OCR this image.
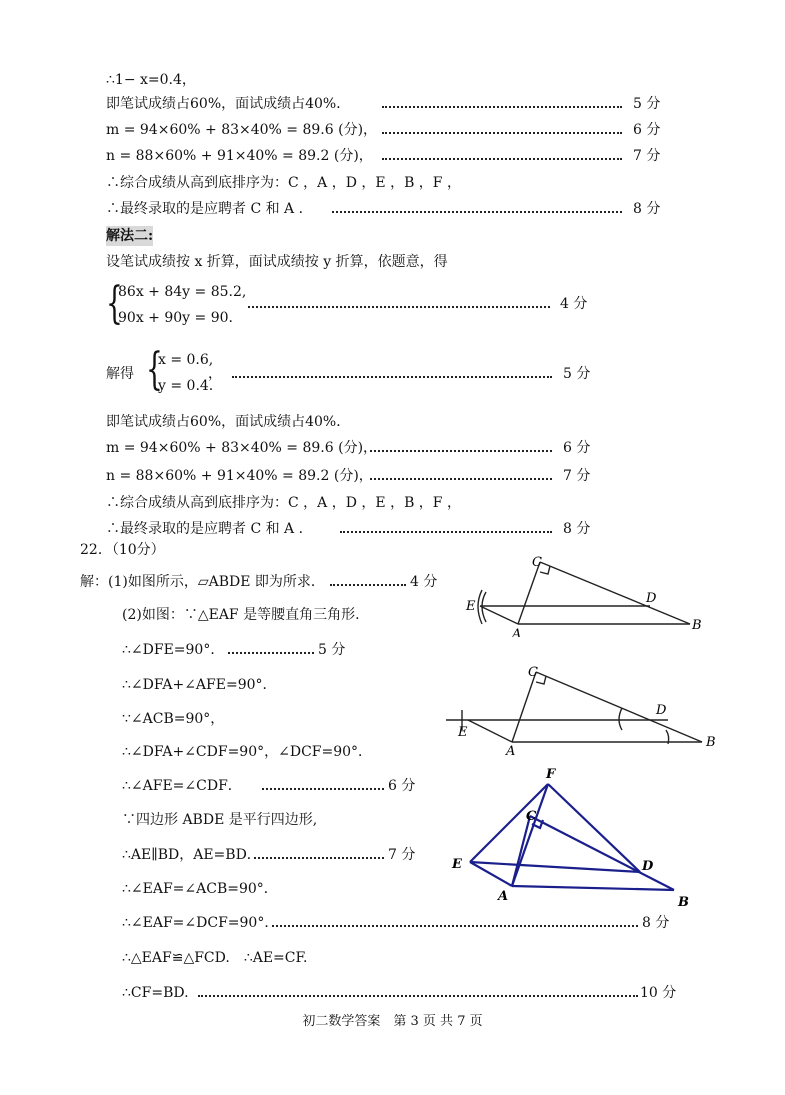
∴1− x=0.4，
即笔试成绩占60%，面试成绩占40%．	5 分
m = 94×60% + 83×40% = 89.6 (分)，	6 分
n = 88×60% + 91×40% = 89.2 (分)，	7 分
∴综合成绩从高到底排序为：C ，A ，D ，E ，B ，F ，
∴最终录取的是应聘者 C 和 A ．	8 分
解法二:
设笔试成绩按 x 折算，面试成绩按 y 折算，依题意，得
{
86x + 84y = 85.2,
90x + 90y = 90.
4 分
解得 {
x = 0.6,
y = 0.4.
，	5 分
即笔试成绩占60%，面试成绩占40%．
m = 94×60% + 83×40% = 89.6 (分)，	6 分
n = 88×60% + 91×40% = 89.2 (分)，	7 分
∴综合成绩从高到底排序为：C ，A ，D ，E ，B ，F ，
∴最终录取的是应聘者 C 和 A ．	8 分
22．（10分）
解：(1)如图所示，▱ABDE 即为所求．	4 分
(2)如图：∵△EAF 是等腰直角三角形.
∴∠DFE=90°．	5 分
∴∠DFA+∠AFE=90°．
∵∠ACB=90°，
∴∠DFA+∠CDF=90°，∠DCF=90°．
∴∠AFE=∠CDF．	6 分
∵四边形 ABDE 是平行四边形,
∴AE∥BD，AE=BD．	7 分
∴∠EAF=∠ACB=90°．
∴∠EAF=∠DCF=90°．	8 分
∴△EAF≌△FCD.　∴AE=CF.
∴CF=BD.	10 分
C
D
E
A
B
C
D
E
A
B
F
C
D
E
A	B
初二数学答案　第 3 页 共 7 页
